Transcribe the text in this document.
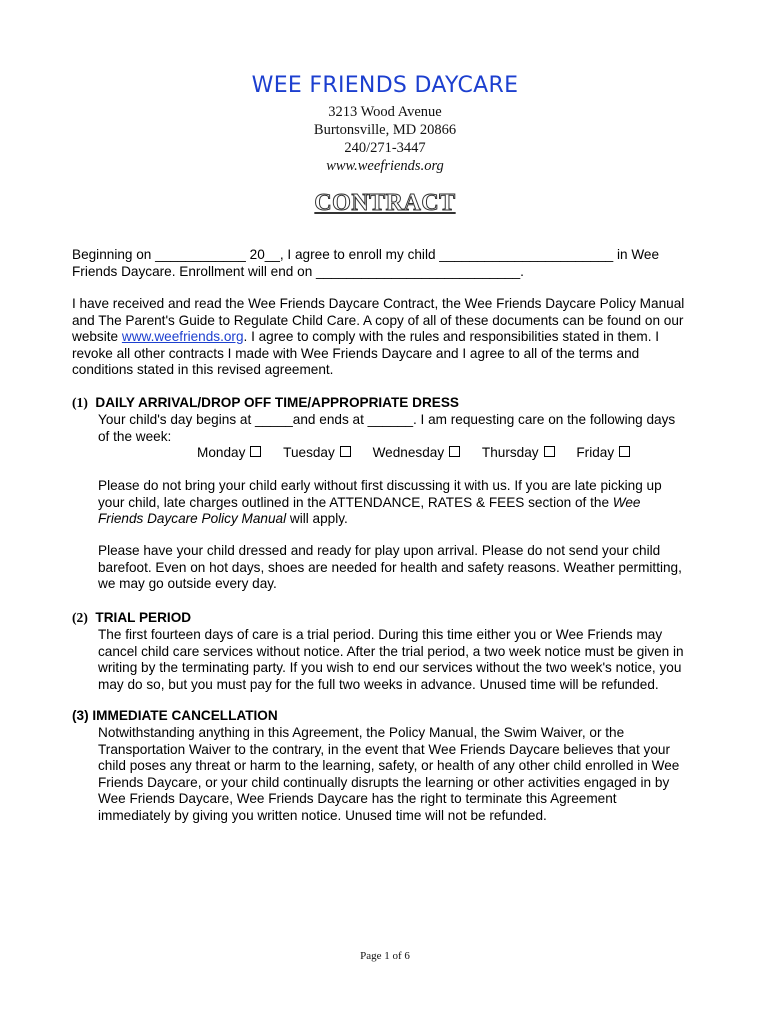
WEE FRIENDS DAYCARE
3213 Wood Avenue
Burtonsville, MD 20866
240/271-3447
www.weefriends.org
CONTRACT
Beginning on ____________ 20__, I agree to enroll my child _______________________ in Wee
Friends Daycare. Enrollment will end on ___________________________.
I have received and read the Wee Friends Daycare Contract, the Wee Friends Daycare Policy Manual
and The Parent's Guide to Regulate Child Care. A copy of all of these documents can be found on our
website www.weefriends.org. I agree to comply with the rules and responsibilities stated in them. I
revoke all other contracts I made with Wee Friends Daycare and I agree to all of the terms and
conditions stated in this revised agreement.
(1) DAILY ARRIVAL/DROP OFF TIME/APPROPRIATE DRESS
Your child's day begins at _____and ends at ______. I am requesting care on the following days
of the week:
Monday	Tuesday	Wednesday	Thursday	Friday
Please do not bring your child early without first discussing it with us. If you are late picking up
your child, late charges outlined in the ATTENDANCE, RATES & FEES section of the Wee
Friends Daycare Policy Manual will apply.
Please have your child dressed and ready for play upon arrival. Please do not send your child
barefoot. Even on hot days, shoes are needed for health and safety reasons. Weather permitting,
we may go outside every day.
(2) TRIAL PERIOD
The first fourteen days of care is a trial period. During this time either you or Wee Friends may
cancel child care services without notice. After the trial period, a two week notice must be given in
writing by the terminating party. If you wish to end our services without the two week's notice, you
may do so, but you must pay for the full two weeks in advance. Unused time will be refunded.
(3) IMMEDIATE CANCELLATION
Notwithstanding anything in this Agreement, the Policy Manual, the Swim Waiver, or the
Transportation Waiver to the contrary, in the event that Wee Friends Daycare believes that your
child poses any threat or harm to the learning, safety, or health of any other child enrolled in Wee
Friends Daycare, or your child continually disrupts the learning or other activities engaged in by
Wee Friends Daycare, Wee Friends Daycare has the right to terminate this Agreement
immediately by giving you written notice. Unused time will not be refunded.
Page 1 of 6
